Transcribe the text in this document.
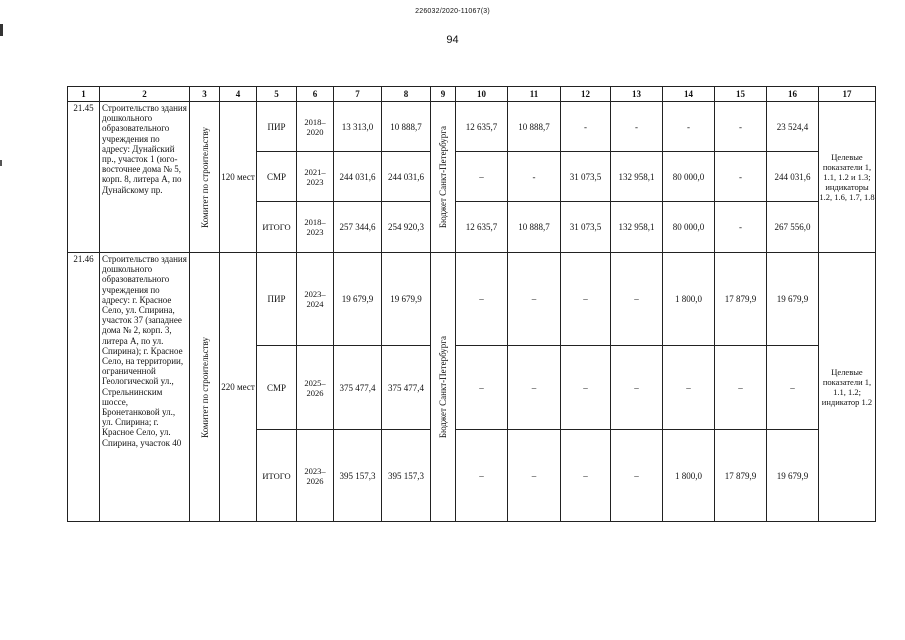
226032/2020-11067(3)
94
1	2	3	4	5	6	7	8	9	10	11	12	13	14	15	16	17
21.45	Строительство здания дошкольного образовательного учреждения по адресу: Дунайский пр., участок 1 (юго-восточнее дома № 5, корп. 8, литера А, по Дунайскому пр.	Комитет по строительству	120 мест	ПИР	2018–2020	13 313,0	10 888,7	Бюджет Санкт-Петербурга	12 635,7	10 888,7	-	-	-	-	23 524,4	Целевые показатели 1, 1.1, 1.2 и 1.3; индикаторы 1.2, 1.6, 1.7, 1.8
				СМР	2021–2023	244 031,6	244 031,6		–	-	31 073,5	132 958,1	80 000,0	-	244 031,6	
				ИТОГО	2018–2023	257 344,6	254 920,3		12 635,7	10 888,7	31 073,5	132 958,1	80 000,0	-	267 556,0	
21.46	Строительство здания дошкольного образовательного учреждения по адресу: г. Красное Село, ул. Спирина, участок 37 (западнее дома № 2, корп. 3, литера А, по ул. Спирина); г. Красное Село, на территории, ограниченной Геологической ул., Стрельнинским шоссе, Бронетанковой ул., ул. Спирина; г. Красное Село, ул. Спирина, участок 40	Комитет по строительству	220 мест	ПИР	2023–2024	19 679,9	19 679,9	Бюджет Санкт-Петербурга	–	–	–	–	1 800,0	17 879,9	19 679,9	Целевые показатели 1, 1.1, 1.2; индикатор 1.2
				СМР	2025–2026	375 477,4	375 477,4		–	–	–	–	–	–	–	
				ИТОГО	2023–2026	395 157,3	395 157,3		–	–	–	–	1 800,0	17 879,9	19 679,9	
